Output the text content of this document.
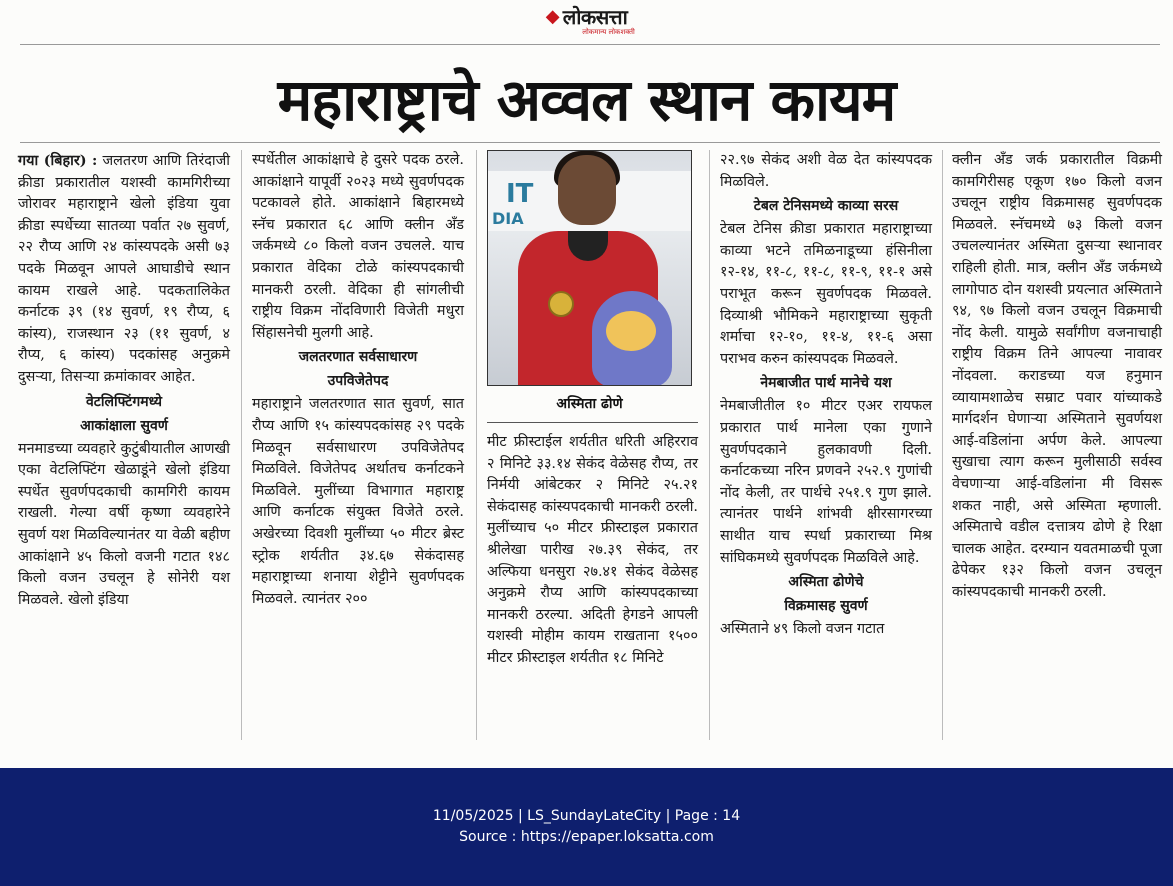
◆ लोकसत्ता
लोकमान्य लोकशक्ती
महाराष्ट्राचे अव्वल स्थान कायम

गया (बिहार) : जलतरण आणि तिरंदाजी क्रीडा प्रकारातील यशस्वी कामगिरीच्या जोरावर महाराष्ट्राने खेलो इंडिया युवा क्रीडा स्पर्धेच्या सातव्या पर्वात २७ सुवर्ण, २२ रौप्य आणि २४ कांस्यपदके असी ७३ पदके मिळवून आपले आघाडीचे स्थान कायम राखले आहे. पदकतालिकेत कर्नाटक ३९ (१४ सुवर्ण, १९ रौप्य, ६ कांस्य), राजस्थान २३ (११ सुवर्ण, ४ रौप्य, ६ कांस्य) पदकांसह अनुक्रमे दुसऱ्या, तिसऱ्या क्रमांकावर आहेत.

वेटलिफ्टिंगमध्ये
आकांक्षाला सुवर्ण

मनमाडच्या व्यवहारे कुटुंबीयातील आणखी एका वेटलिफ्टिंग खेळाडूंने खेलो इंडिया स्पर्धेत सुवर्णपदकाची कामगिरी कायम राखली. गेल्या वर्षी कृष्णा व्यवहारेने सुवर्ण यश मिळविल्यानंतर या वेळी बहीण आकांक्षाने ४५ किलो वजनी गटात १४८ किलो वजन उचलून हे सोनेरी यश मिळवले. खेलो इंडिया

स्पर्धेतील आकांक्षाचे हे दुसरे पदक ठरले. आकांक्षाने यापूर्वी २०२३ मध्ये सुवर्णपदक पटकावले होते. आकांक्षाने बिहारमध्ये स्नॅच प्रकारात ६८ आणि क्लीन अँड जर्कमध्ये ८० किलो वजन उचलले. याच प्रकारात वेदिका टोळे कांस्यपदकाची मानकरी ठरली. वेदिका ही सांगलीची राष्ट्रीय विक्रम नोंदविणारी विजेती मधुरा सिंहासनेची मुलगी आहे.

जलतरणात सर्वसाधारण
उपविजेतेपद

महाराष्ट्राने जलतरणात सात सुवर्ण, सात रौप्य आणि १५ कांस्यपदकांसह २९ पदके मिळवून सर्वसाधारण उपविजेतेपद मिळविले. विजेतेपद अर्थातच कर्नाटकने मिळविले. मुलींच्या विभागात महाराष्ट्र आणि कर्नाटक संयुक्त विजेते ठरले. अखेरच्या दिवशी मुलींच्या ५० मीटर ब्रेस्ट स्ट्रोक शर्यतीत ३४.६७ सेकंदासह महाराष्ट्राच्या शनाया शेट्टीने सुवर्णपदक मिळवले. त्यानंतर २००

IT
DIA
अस्मिता ढोणे

मीट फ्रीस्टाईल शर्यतीत धरिती अहिरराव २ मिनिटे ३३.१४ सेकंद वेळेसह रौप्य, तर निर्मयी आंबेटकर २ मिनिटे २५.२१ सेकंदासह कांस्यपदकाची मानकरी ठरली. मुलींच्याच ५० मीटर फ्रीस्टाइल प्रकारात श्रीलेखा पारीख २७.३९ सेकंद, तर अल्फिया धनसुरा २७.४१ सेकंद वेळेसह अनुक्रमे रौप्य आणि कांस्यपदकाच्या मानकरी ठरल्या. अदिती हेगडने आपली यशस्वी मोहीम कायम राखताना १५०० मीटर फ्रीस्टाइल शर्यतीत १८ मिनिटे

२२.९७ सेकंद अशी वेळ देत कांस्यपदक मिळविले.

टेबल टेनिसमध्ये काव्या सरस

टेबल टेनिस क्रीडा प्रकारात महाराष्ट्राच्या काव्या भटने तमिळनाडूच्या हंसिनीला १२-१४, ११-८, ११-८, ११-९, ११-१ असे पराभूत करून सुवर्णपदक मिळवले. दिव्याश्री भौमिकने महाराष्ट्राच्या सुकृती शर्माचा १२-१०, ११-४, ११-६ असा पराभव करुन कांस्यपदक मिळवले.

नेमबाजीत पार्थ मानेचे यश

नेमबाजीतील १० मीटर एअर रायफल प्रकारात पार्थ मानेला एका गुणाने सुवर्णपदकाने हुलकावणी दिली. कर्नाटकच्या नरिन प्रणवने २५२.९ गुणांची नोंद केली, तर पार्थचे २५१.९ गुण झाले. त्यानंतर पार्थने शांभवी क्षीरसागरच्या साथीत याच स्पर्धा प्रकाराच्या मिश्र सांघिकमध्ये सुवर्णपदक मिळविले आहे.

अस्मिता ढोणेचे
विक्रमासह सुवर्ण

अस्मिताने ४९ किलो वजन गटात

क्लीन अँड जर्क प्रकारातील विक्रमी कामगिरीसह एकूण १७० किलो वजन उचलून राष्ट्रीय विक्रमासह सुवर्णपदक मिळवले. स्नॅचमध्ये ७३ किलो वजन उचलल्यानंतर अस्मिता दुसऱ्या स्थानावर राहिली होती. मात्र, क्लीन अँड जर्कमध्ये लागोपाठ दोन यशस्वी प्रयत्नात अस्मिताने ९४, ९७ किलो वजन उचलून विक्रमाची नोंद केली. यामुळे सर्वांगीण वजनाचाही राष्ट्रीय विक्रम तिने आपल्या नावावर नोंदवला. कराडच्या यज हनुमान व्यायामशाळेच सम्राट पवार यांच्याकडे मार्गदर्शन घेणाऱ्या अस्मिताने सुवर्णयश आई-वडिलांना अर्पण केले. आपल्या सुखाचा त्याग करून मुलीसाठी सर्वस्व वेचणाऱ्या आई-वडिलांना मी विसरू शकत नाही, असे अस्मिता म्हणाली. अस्मिताचे वडील दत्तात्रय ढोणे हे रिक्षा चालक आहेत. दरम्यान यवतमाळची पूजा ढेपेकर १३२ किलो वजन उचलून कांस्यपदकाची मानकरी ठरली.

11/05/2025 | LS_SundayLateCity | Page : 14
Source : https://epaper.loksatta.com
